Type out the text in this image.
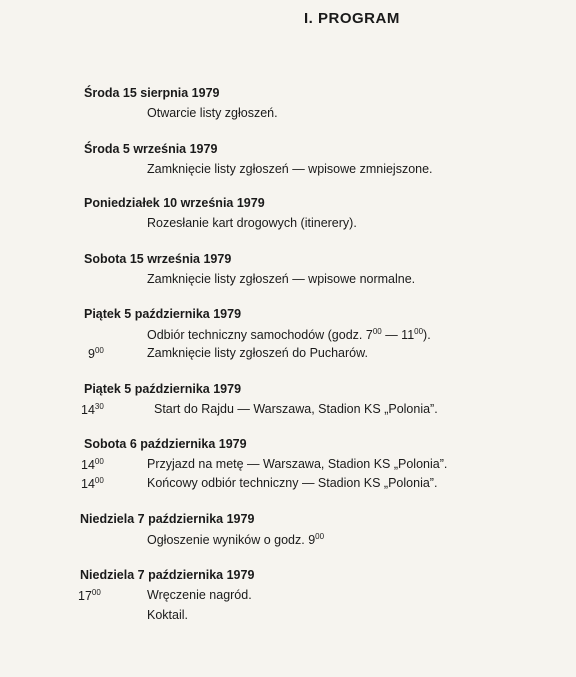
I. PROGRAM
Środa 15 sierpnia 1979
Otwarcie listy zgłoszeń.
Środa 5 września 1979
Zamknięcie listy zgłoszeń — wpisowe zmniejszone.
Poniedziałek 10 września 1979
Rozesłanie kart drogowych (itinerery).
Sobota 15 września 1979
Zamknięcie listy zgłoszeń — wpisowe normalne.
Piątek 5 października 1979
Odbiór techniczny samochodów (godz. $7^{00}$ — $11^{00}$).
$9^{00}$	Zamknięcie listy zgłoszeń do Pucharów.
Piątek 5 października 1979
$14^{30}$	Start do Rajdu — Warszawa, Stadion KS „Polonia”.
Sobota 6 października 1979
$14^{00}$	Przyjazd na metę — Warszawa, Stadion KS „Polonia”.
$14^{00}$	Końcowy odbiór techniczny — Stadion KS „Polonia”.
Niedziela 7 października 1979
Ogłoszenie wyników o godz. $9^{00}$
Niedziela 7 października 1979
$17^{00}$	Wręczenie nagród.
Koktail.
